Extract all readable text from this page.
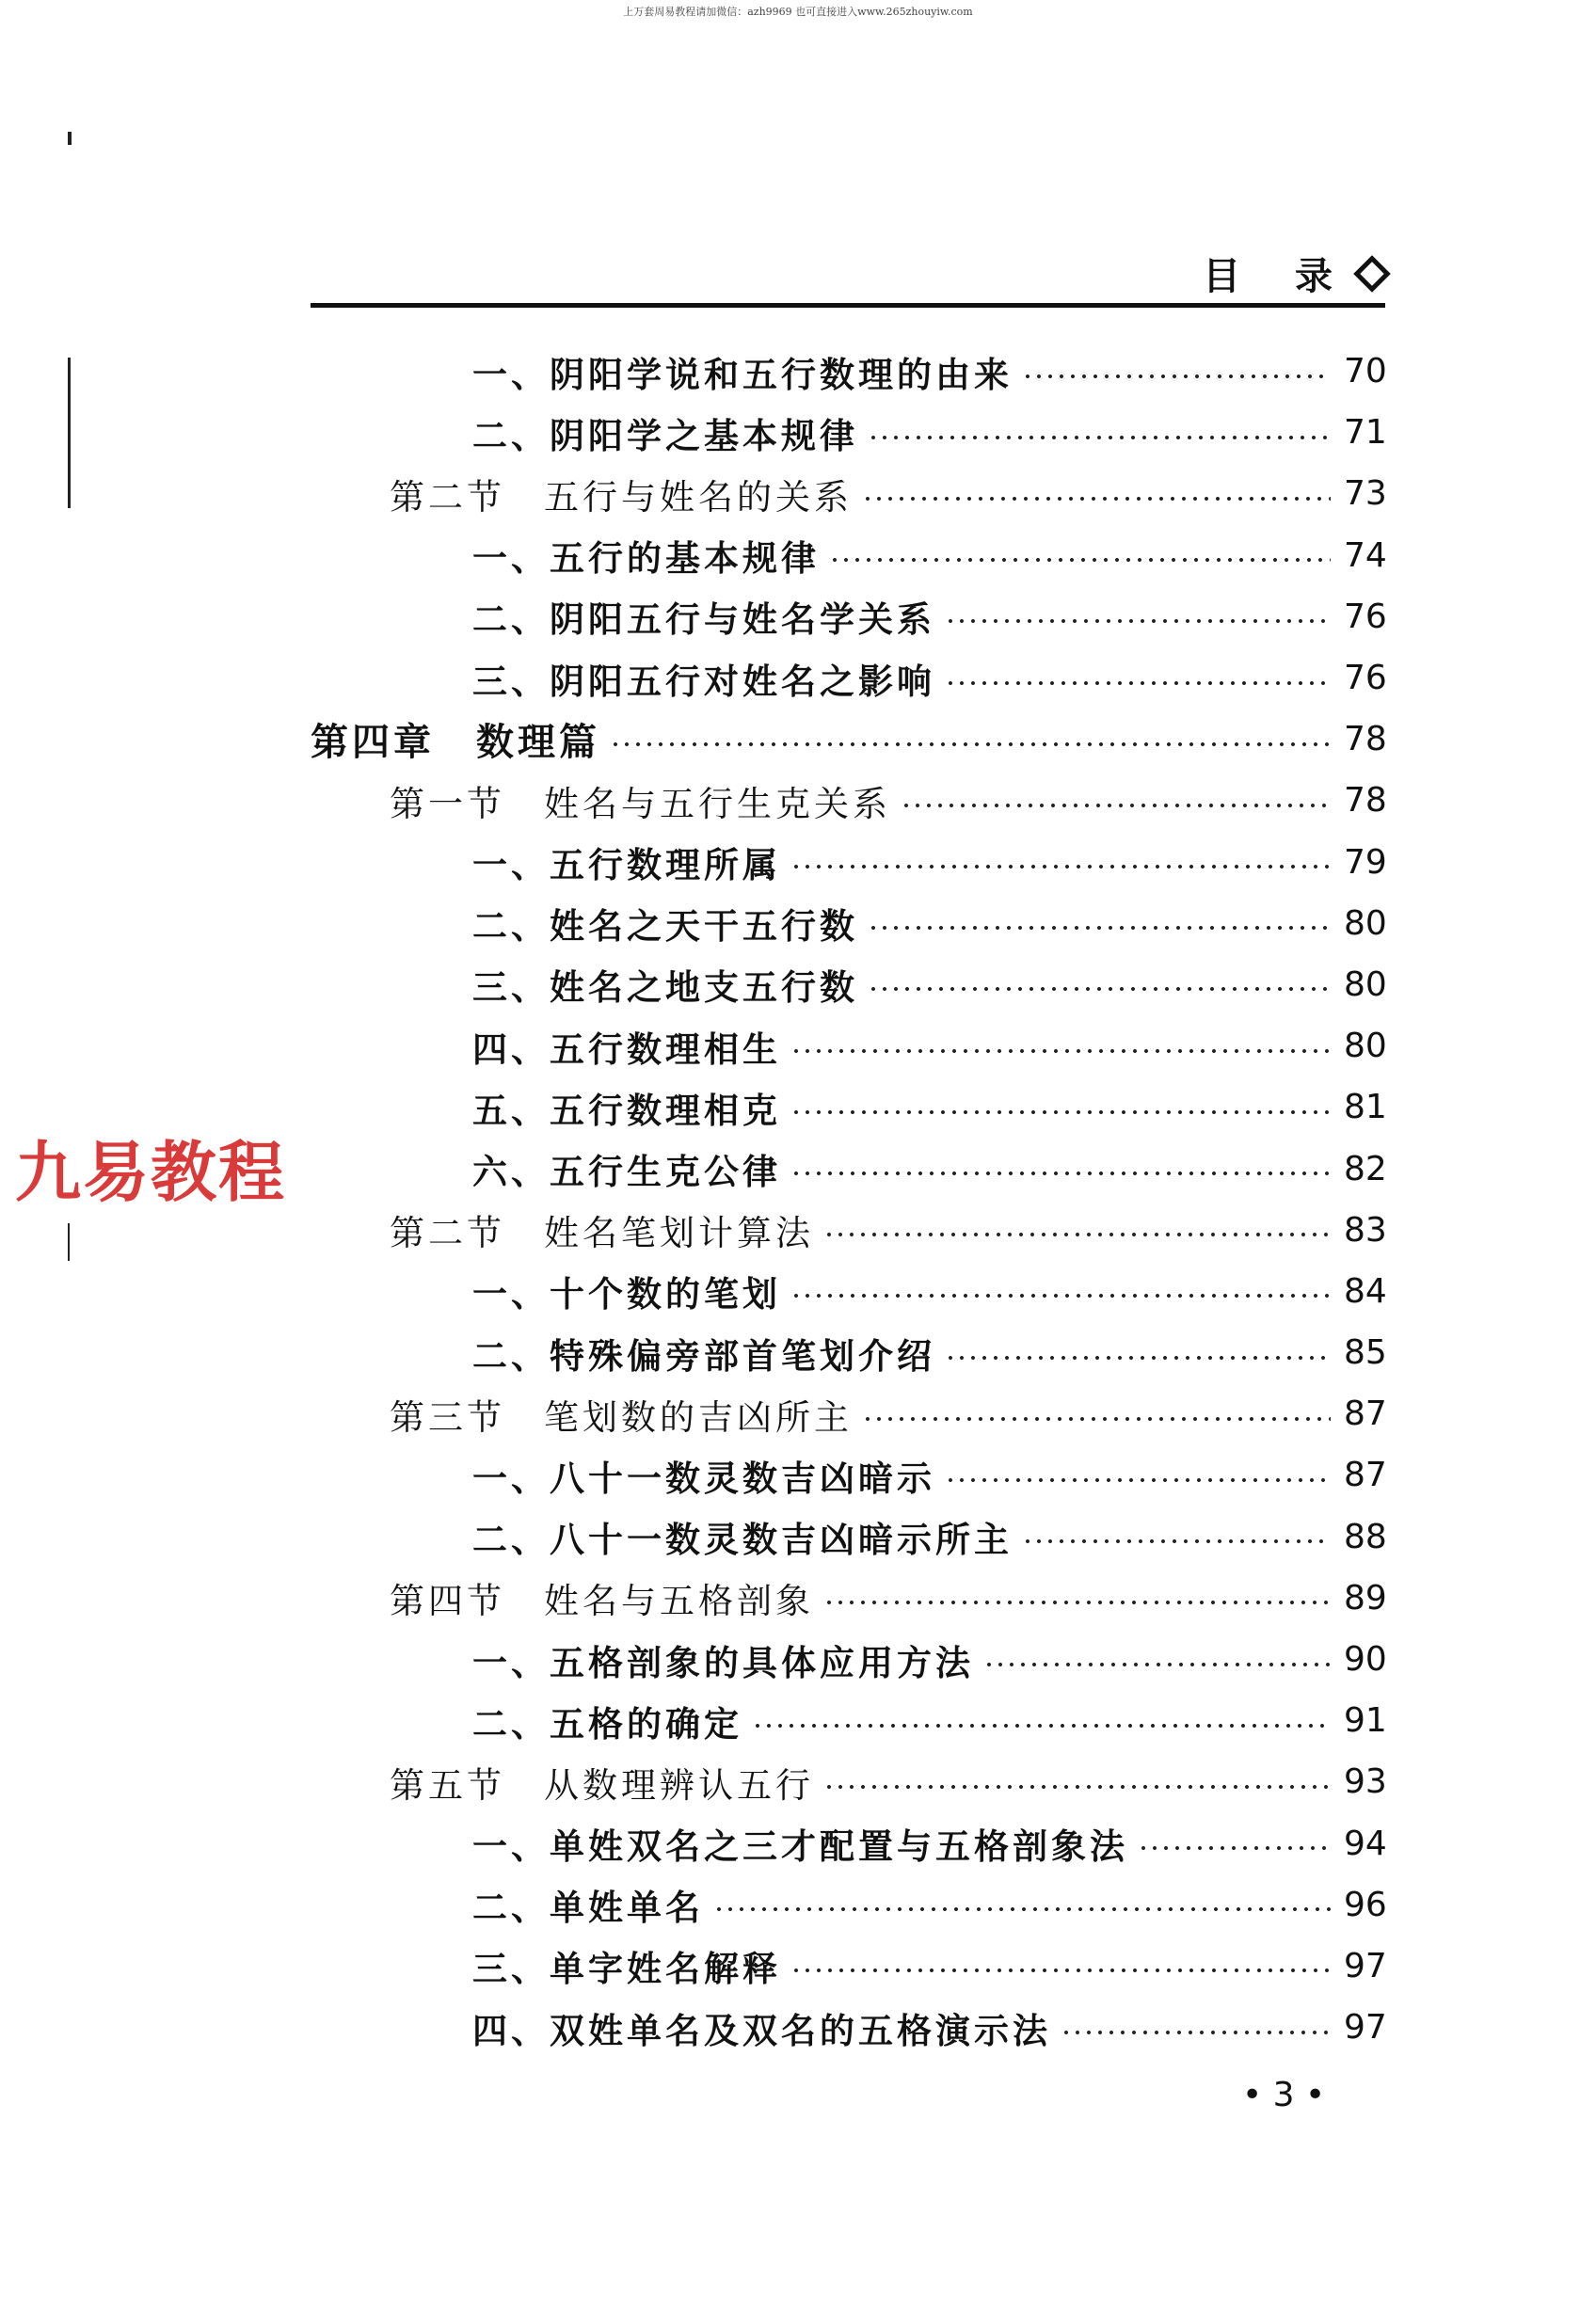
上万套周易教程请加微信：azh9969 也可直接进入www.265zhouyiw.com
目 录
一、阴阳学说和五行数理的由来	70
二、阴阳学之基本规律	71
第二节　五行与姓名的关系	73
一、五行的基本规律	74
二、阴阳五行与姓名学关系	76
三、阴阳五行对姓名之影响	76
第四章　数理篇	78
第一节　姓名与五行生克关系	78
一、五行数理所属	79
二、姓名之天干五行数	80
三、姓名之地支五行数	80
四、五行数理相生	80
五、五行数理相克	81
六、五行生克公律	82
第二节　姓名笔划计算法	83
一、十个数的笔划	84
二、特殊偏旁部首笔划介绍	85
第三节　笔划数的吉凶所主	87
一、八十一数灵数吉凶暗示	87
二、八十一数灵数吉凶暗示所主	88
第四节　姓名与五格剖象	89
一、五格剖象的具体应用方法	90
二、五格的确定	91
第五节　从数理辨认五行	93
一、单姓双名之三才配置与五格剖象法	94
二、单姓单名	96
三、单字姓名解释	97
四、双姓单名及双名的五格演示法	97
• 3 •
九易教程
